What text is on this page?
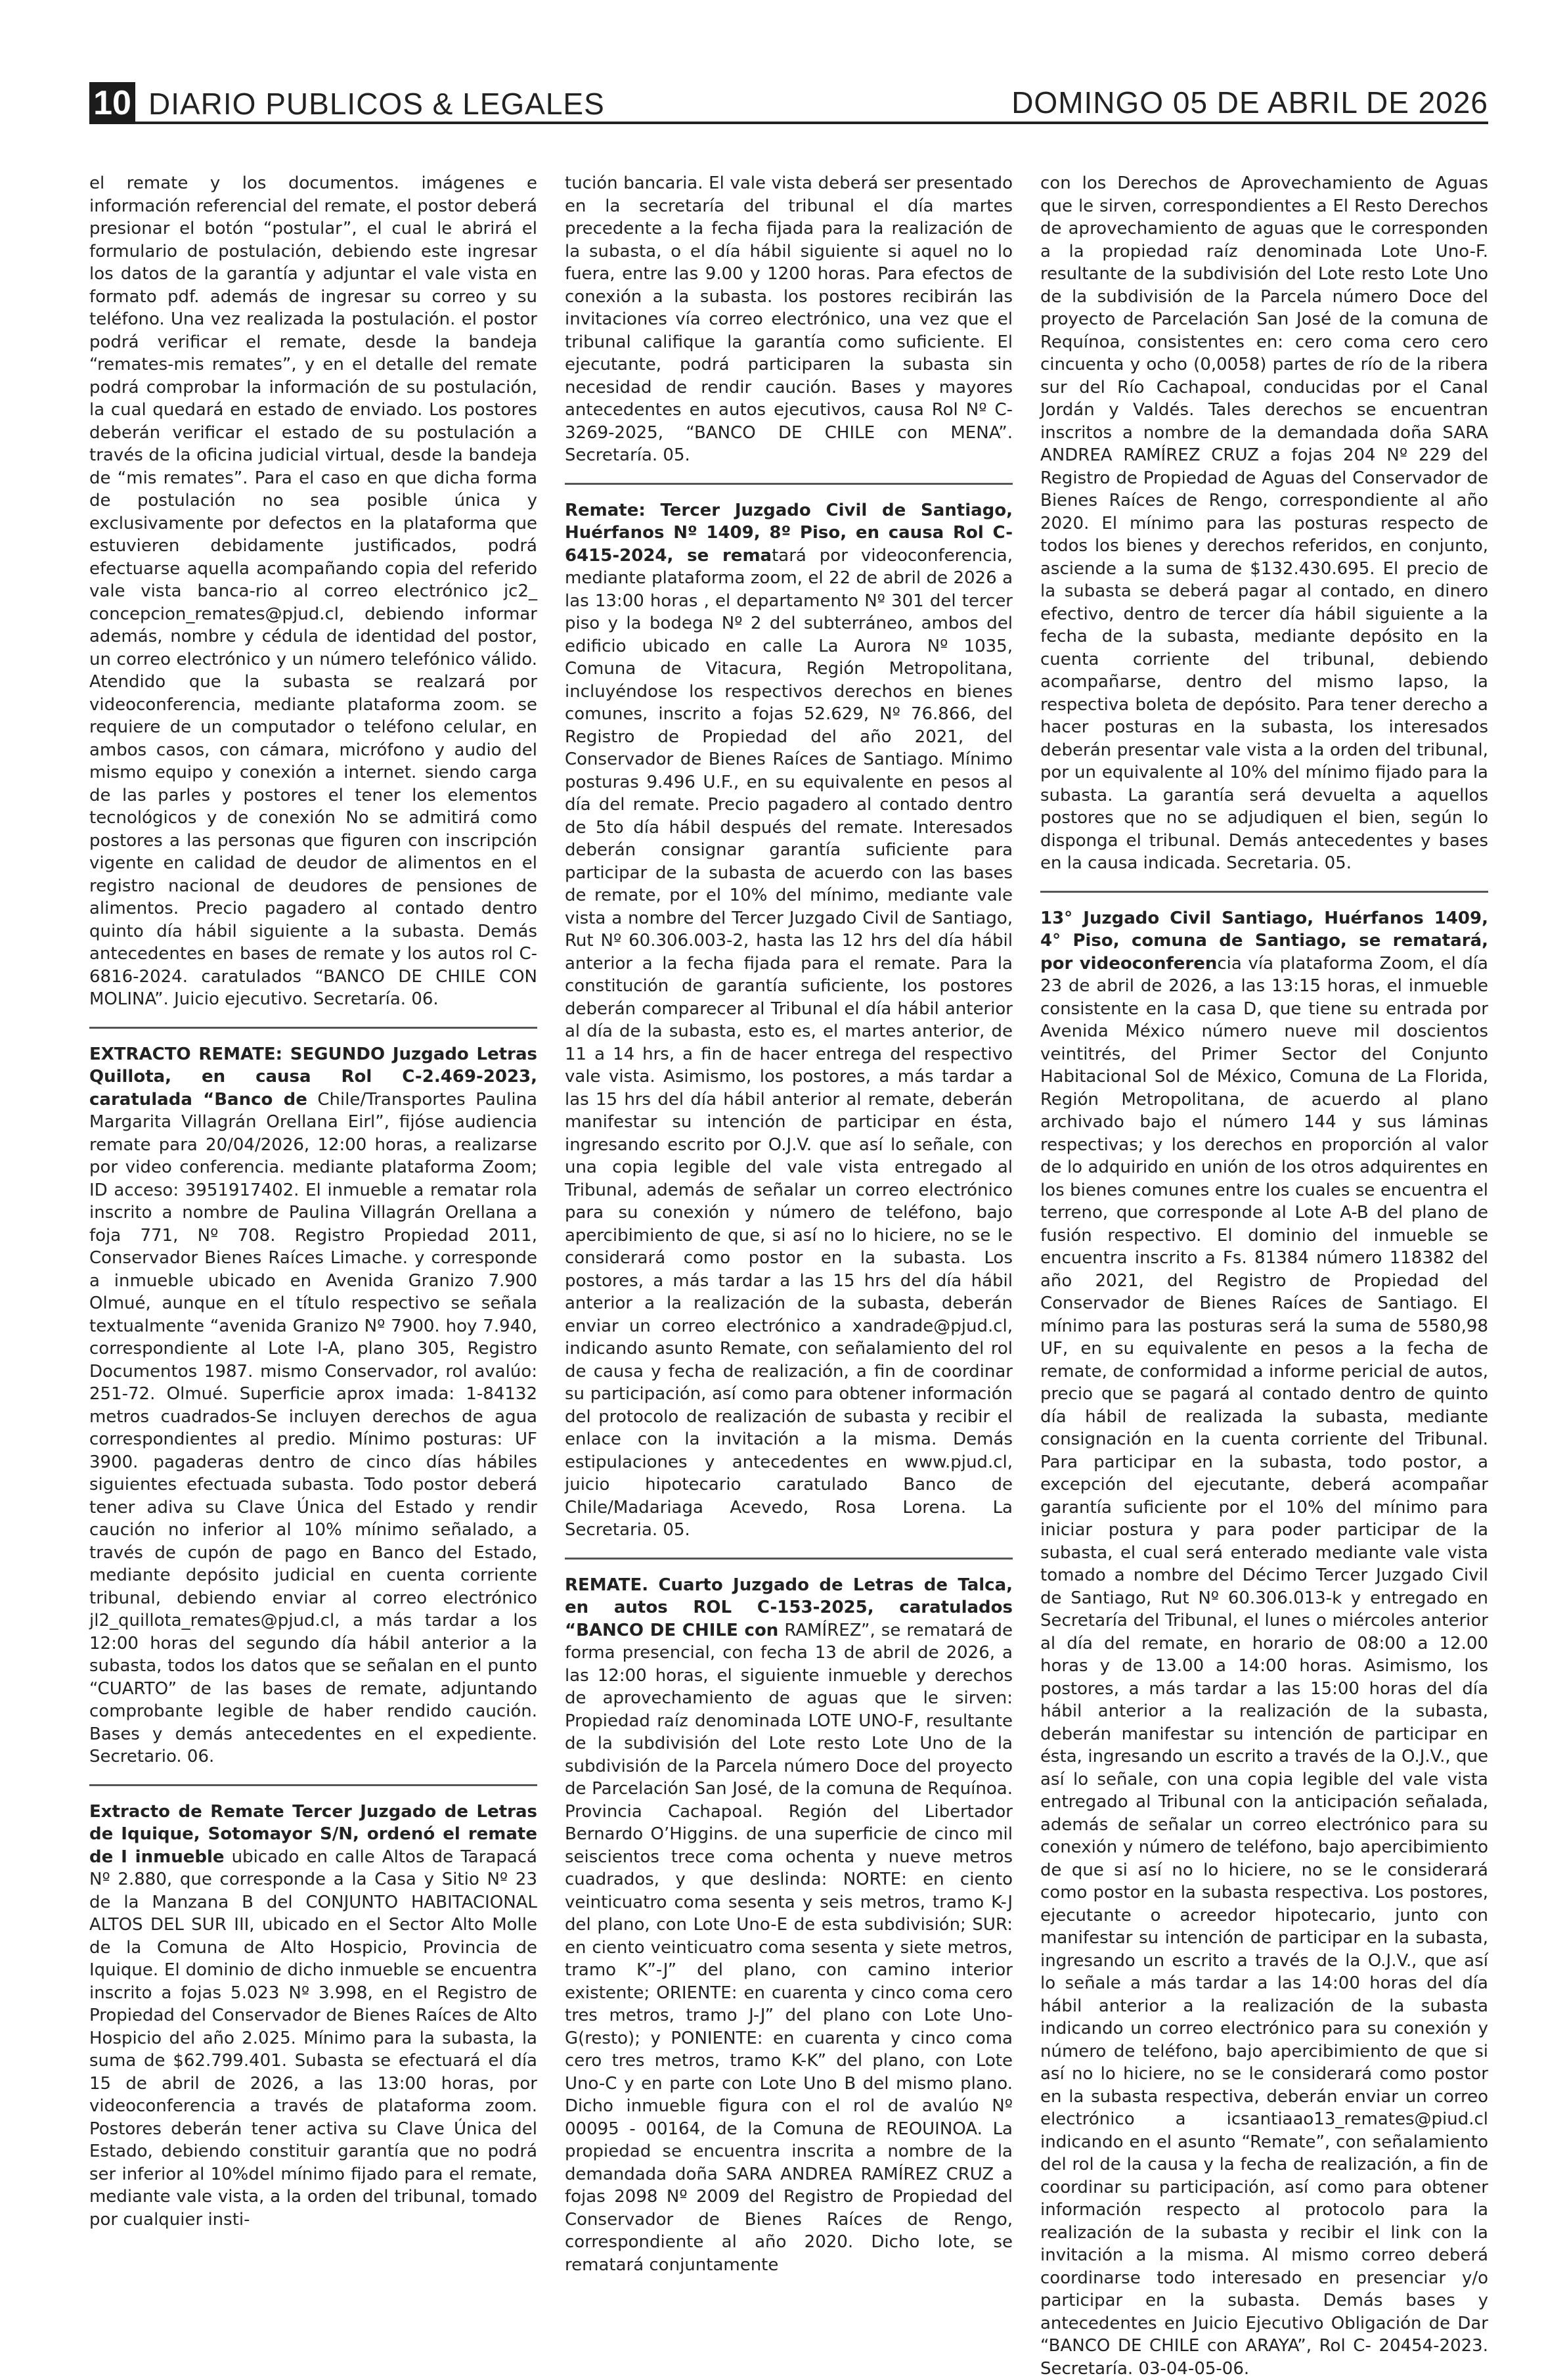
10 DIARIO PUBLICOS & LEGALES	DOMINGO 05 DE ABRIL DE 2026

el remate y los documentos. imágenes e información referencial del remate, el postor deberá presionar el botón “postular”, el cual le abrirá el formulario de postulación, debiendo este ingresar los datos de la garantía y adjuntar el vale vista en formato pdf. además de ingresar su correo y su teléfono. Una vez realizada la postulación. el postor podrá verificar el remate, desde la bandeja “remates-mis remates”, y en el detalle del remate podrá comprobar la información de su postulación, la cual quedará en estado de enviado. Los postores deberán verificar el estado de su postulación a través de la oficina judicial virtual, desde la bandeja de “mis remates”. Para el caso en que dicha forma de postulación no sea posible única y exclusivamente por defectos en la plataforma que estuvieren debidamente justificados, podrá efectuarse aquella acompañando copia del referido vale vista banca-rio al correo electrónico jc2_ concepcion_remates@pjud.cl, debiendo informar además, nombre y cédula de identidad del postor, un correo electrónico y un número telefónico válido. Atendido que la subasta se realzará por videoconferencia, mediante plataforma zoom. se requiere de un computador o teléfono celular, en ambos casos, con cámara, micrófono y audio del mismo equipo y conexión a internet. siendo carga de las parles y postores el tener los elementos tecnológicos y de conexión No se admitirá como postores a las personas que figuren con inscripción vigente en calidad de deudor de alimentos en el registro nacional de deudores de pensiones de alimentos. Precio pagadero al contado dentro quinto día hábil siguiente a la subasta. Demás antecedentes en bases de remate y los autos rol C-6816-2024. caratulados “BANCO DE CHILE CON MOLINA”. Juicio ejecutivo. Secretaría. 06.

EXTRACTO REMATE: SEGUNDO Juzgado Letras Quillota, en causa Rol C-2.469-2023, caratulada “Banco de Chile/Transportes Paulina Margarita Villagrán Orellana Eirl”, fijóse audiencia remate para 20/04/2026, 12:00 horas, a realizarse por video conferencia. mediante plataforma Zoom; ID acceso: 3951917402. El inmueble a rematar rola inscrito a nombre de Paulina Villagrán Orellana a foja 771, Nº 708. Registro Propiedad 2011, Conservador Bienes Raíces Limache. y corresponde a inmueble ubicado en Avenida Granizo 7.900 Olmué, aunque en el título respectivo se señala textualmente “avenida Granizo Nº 7900. hoy 7.940, correspondiente al Lote l-A, plano 305, Registro Documentos 1987. mismo Conservador, rol avalúo: 251-72. Olmué. Superficie aprox imada: 1-84132 metros cuadrados-Se incluyen derechos de agua correspondientes al predio. Mínimo posturas: UF 3900. pagaderas dentro de cinco días hábiles siguientes efectuada subasta. Todo postor deberá tener adiva su Clave Única del Estado y rendir caución no inferior al 10% mínimo señalado, a través de cupón de pago en Banco del Estado, mediante depósito judicial en cuenta corriente tribunal, debiendo enviar al correo electrónico jl2_quillota_remates@pjud.cl, a más tardar a los 12:00 horas del segundo día hábil anterior a la subasta, todos los datos que se señalan en el punto “CUARTO” de las bases de remate, adjuntando comprobante legible de haber rendido caución. Bases y demás antecedentes en el expediente. Secretario. 06.

Extracto de Remate Tercer Juzgado de Letras de Iquique, Sotomayor S/N, ordenó el remate de I inmueble ubicado en calle Altos de Tarapacá Nº 2.880, que corresponde a la Casa y Sitio Nº 23 de la Manzana B del CONJUNTO HABITACIONAL ALTOS DEL SUR III, ubicado en el Sector Alto Molle de la Comuna de Alto Hospicio, Provincia de Iquique. El dominio de dicho inmueble se encuentra inscrito a fojas 5.023 Nº 3.998, en el Registro de Propiedad del Conservador de Bienes Raíces de Alto Hospicio del año 2.025. Mínimo para la subasta, la suma de $62.799.401. Subasta se efectuará el día 15 de abril de 2026, a las 13:00 horas, por videoconferencia a través de plataforma zoom. Postores deberán tener activa su Clave Única del Estado, debiendo constituir garantía que no podrá ser inferior al 10%del mínimo fijado para el remate, mediante vale vista, a la orden del tribunal, tomado por cualquier insti-

tución bancaria. El vale vista deberá ser presentado en la secretaría del tribunal el día martes precedente a la fecha fijada para la realización de la subasta, o el día hábil siguiente si aquel no lo fuera, entre las 9.00 y 1200 horas. Para efectos de conexión a la subasta. los postores recibirán las invitaciones vía correo electrónico, una vez que el tribunal califique la garantía como suficiente. El ejecutante, podrá participaren la subasta sin necesidad de rendir caución. Bases y mayores antecedentes en autos ejecutivos, causa Rol Nº C-3269-2025, “BANCO DE CHILE con MENA”. Secretaría. 05.

Remate: Tercer Juzgado Civil de Santiago, Huérfanos Nº 1409, 8º Piso, en causa Rol C-6415-2024, se rematará por videoconferencia, mediante plataforma zoom, el 22 de abril de 2026 a las 13:00 horas , el departamento Nº 301 del tercer piso y la bodega Nº 2 del subterráneo, ambos del edificio ubicado en calle La Aurora Nº 1035, Comuna de Vitacura, Región Metropolitana, incluyéndose los respectivos derechos en bienes comunes, inscrito a fojas 52.629, Nº 76.866, del Registro de Propiedad del año 2021, del Conservador de Bienes Raíces de Santiago. Mínimo posturas 9.496 U.F., en su equivalente en pesos al día del remate. Precio pagadero al contado dentro de 5to día hábil después del remate. Interesados deberán consignar garantía suficiente para participar de la subasta de acuerdo con las bases de remate, por el 10% del mínimo, mediante vale vista a nombre del Tercer Juzgado Civil de Santiago, Rut Nº 60.306.003-2, hasta las 12 hrs del día hábil anterior a la fecha fijada para el remate. Para la constitución de garantía suficiente, los postores deberán comparecer al Tribunal el día hábil anterior al día de la subasta, esto es, el martes anterior, de 11 a 14 hrs, a fin de hacer entrega del respectivo vale vista. Asimismo, los postores, a más tardar a las 15 hrs del día hábil anterior al remate, deberán manifestar su intención de participar en ésta, ingresando escrito por O.J.V. que así lo señale, con una copia legible del vale vista entregado al Tribunal, además de señalar un correo electrónico para su conexión y número de teléfono, bajo apercibimiento de que, si así no lo hiciere, no se le considerará como postor en la subasta. Los postores, a más tardar a las 15 hrs del día hábil anterior a la realización de la subasta, deberán enviar un correo electrónico a xandrade@pjud.cl, indicando asunto Remate, con señalamiento del rol de causa y fecha de realización, a fin de coordinar su participación, así como para obtener información del protocolo de realización de subasta y recibir el enlace con la invitación a la misma. Demás estipulaciones y antecedentes en www.pjud.cl, juicio hipotecario caratulado Banco de Chile/Madariaga Acevedo, Rosa Lorena. La Secretaria. 05.

REMATE. Cuarto Juzgado de Letras de Talca, en autos ROL C-153-2025, caratulados “BANCO DE CHILE con RAMÍREZ”, se rematará de forma presencial, con fecha 13 de abril de 2026, a las 12:00 horas, el siguiente inmueble y derechos de aprovechamiento de aguas que le sirven: Propiedad raíz denominada LOTE UNO-F, resultante de la subdivisión del Lote resto Lote Uno de la subdivisión de la Parcela número Doce del proyecto de Parcelación San José, de la comuna de Requínoa. Provincia Cachapoal. Región del Libertador Bernardo O’Higgins. de una superficie de cinco mil seiscientos trece coma ochenta y nueve metros cuadrados, y que deslinda: NORTE: en ciento veinticuatro coma sesenta y seis metros, tramo K-J del plano, con Lote Uno-E de esta subdivisión; SUR: en ciento veinticuatro coma sesenta y siete metros, tramo K”-J” del plano, con camino interior existente; ORIENTE: en cuarenta y cinco coma cero tres metros, tramo J-J” del plano con Lote Uno-G(resto); y PONIENTE: en cuarenta y cinco coma cero tres metros, tramo K-K” del plano, con Lote Uno-C y en parte con Lote Uno B del mismo plano. Dicho inmueble figura con el rol de avalúo Nº 00095 - 00164, de la Comuna de REOUINOA. La propiedad se encuentra inscrita a nombre de la demandada doña SARA ANDREA RAMÍREZ CRUZ a fojas 2098 Nº 2009 del Registro de Propiedad del Conservador de Bienes Raíces de Rengo, correspondiente al año 2020. Dicho lote, se rematará conjuntamente

con los Derechos de Aprovechamiento de Aguas que le sirven, correspondientes a El Resto Derechos de aprovechamiento de aguas que le corresponden a la propiedad raíz denominada Lote Uno-F. resultante de la subdivisión del Lote resto Lote Uno de la subdivisión de la Parcela número Doce del proyecto de Parcelación San José de la comuna de Requínoa, consistentes en: cero coma cero cero cincuenta y ocho (0,0058) partes de río de la ribera sur del Río Cachapoal, conducidas por el Canal Jordán y Valdés. Tales derechos se encuentran inscritos a nombre de la demandada doña SARA ANDREA RAMÍREZ CRUZ a fojas 204 Nº 229 del Registro de Propiedad de Aguas del Conservador de Bienes Raíces de Rengo, correspondiente al año 2020. El mínimo para las posturas respecto de todos los bienes y derechos referidos, en conjunto, asciende a la suma de $132.430.695. El precio de la subasta se deberá pagar al contado, en dinero efectivo, dentro de tercer día hábil siguiente a la fecha de la subasta, mediante depósito en la cuenta corriente del tribunal, debiendo acompañarse, dentro del mismo lapso, la respectiva boleta de depósito. Para tener derecho a hacer posturas en la subasta, los interesados deberán presentar vale vista a la orden del tribunal, por un equivalente al 10% del mínimo fijado para la subasta. La garantía será devuelta a aquellos postores que no se adjudiquen el bien, según lo disponga el tribunal. Demás antecedentes y bases en la causa indicada. Secretaria. 05.

13° Juzgado Civil Santiago, Huérfanos 1409, 4° Piso, comuna de Santiago, se rematará, por videoconferencia vía plataforma Zoom, el día 23 de abril de 2026, a las 13:15 horas, el inmueble consistente en la casa D, que tiene su entrada por Avenida México número nueve mil doscientos veintitrés, del Primer Sector del Conjunto Habitacional Sol de México, Comuna de La Florida, Región Metropolitana, de acuerdo al plano archivado bajo el número 144 y sus láminas respectivas; y los derechos en proporción al valor de lo adquirido en unión de los otros adquirentes en los bienes comunes entre los cuales se encuentra el terreno, que corresponde al Lote A-B del plano de fusión respectivo. El dominio del inmueble se encuentra inscrito a Fs. 81384 número 118382 del año 2021, del Registro de Propiedad del Conservador de Bienes Raíces de Santiago. El mínimo para las posturas será la suma de 5580,98 UF, en su equivalente en pesos a la fecha de remate, de conformidad a informe pericial de autos, precio que se pagará al contado dentro de quinto día hábil de realizada la subasta, mediante consignación en la cuenta corriente del Tribunal. Para participar en la subasta, todo postor, a excepción del ejecutante, deberá acompañar garantía suficiente por el 10% del mínimo para iniciar postura y para poder participar de la subasta, el cual será enterado mediante vale vista tomado a nombre del Décimo Tercer Juzgado Civil de Santiago, Rut Nº 60.306.013-k y entregado en Secretaría del Tribunal, el lunes o miércoles anterior al día del remate, en horario de 08:00 a 12.00 horas y de 13.00 a 14:00 horas. Asimismo, los postores, a más tardar a las 15:00 horas del día hábil anterior a la realización de la subasta, deberán manifestar su intención de participar en ésta, ingresando un escrito a través de la O.J.V., que así lo señale, con una copia legible del vale vista entregado al Tribunal con la anticipación señalada, además de señalar un correo electrónico para su conexión y número de teléfono, bajo apercibimiento de que si así no lo hiciere, no se le considerará como postor en la subasta respectiva. Los postores, ejecutante o acreedor hipotecario, junto con manifestar su intención de participar en la subasta, ingresando un escrito a través de la O.J.V., que así lo señale a más tardar a las 14:00 horas del día hábil anterior a la realización de la subasta indicando un correo electrónico para su conexión y número de teléfono, bajo apercibimiento de que si así no lo hiciere, no se le considerará como postor en la subasta respectiva, deberán enviar un correo electrónico a icsantiaao13_remates@piud.cl indicando en el asunto “Remate”, con señalamiento del rol de la causa y la fecha de realización, a fin de coordinar su participación, así como para obtener información respecto al protocolo para la realización de la subasta y recibir el link con la invitación a la misma. Al mismo correo deberá coordinarse todo interesado en presenciar y/o participar en la subasta. Demás bases y antecedentes en Juicio Ejecutivo Obligación de Dar “BANCO DE CHILE con ARAYA”, Rol C- 20454-2023. Secretaría. 03-04-05-06.
